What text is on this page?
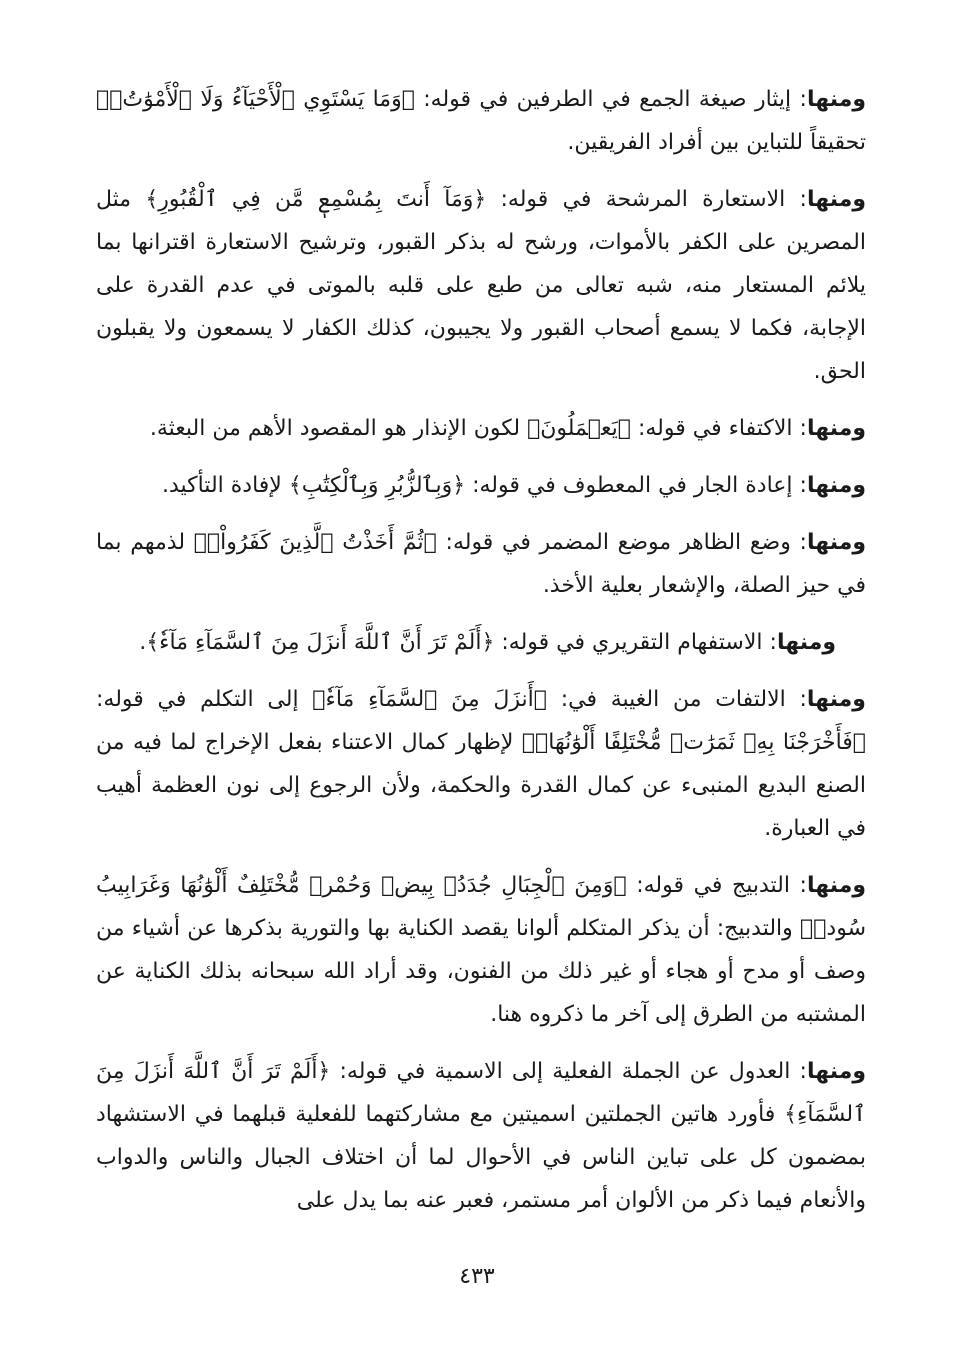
ومنها: إيثار صيغة الجمع في الطرفين في قوله: ﴿وَمَا يَسْتَوِي ٱلْأَحْيَآءُ وَلَا ٱلْأَمْوَٰتُۚ﴾ تحقيقاً للتباين بين أفراد الفريقين.

ومنها: الاستعارة المرشحة في قوله: ﴿وَمَآ أَنتَ بِمُسْمِعٖ مَّن فِي ٱلْقُبُورِ﴾ مثل المصرين على الكفر بالأموات، ورشح له بذكر القبور، وترشيح الاستعارة اقترانها بما يلائم المستعار منه، شبه تعالى من طبع على قلبه بالموتى في عدم القدرة على الإجابة، فكما لا يسمع أصحاب القبور ولا يجيبون، كذلك الكفار لا يسمعون ولا يقبلون الحق.

ومنها: الاكتفاء في قوله: ﴿يَعۡمَلُونَ﴾ لكون الإنذار هو المقصود الأهم من البعثة.

ومنها: إعادة الجار في المعطوف في قوله: ﴿وَبِٱلزُّبُرِ وَبِٱلْكِتَٰبِ﴾ لإفادة التأكيد.

ومنها: وضع الظاهر موضع المضمر في قوله: ﴿ثُمَّ أَخَذْتُ ٱلَّذِينَ كَفَرُواْۖ﴾ لذمهم بما في حيز الصلة، والإشعار بعلية الأخذ.

ومنها: الاستفهام التقريري في قوله: ﴿أَلَمْ تَرَ أَنَّ ٱللَّهَ أَنزَلَ مِنَ ٱلسَّمَآءِ مَآءٗ﴾.

ومنها: الالتفات من الغيبة في: ﴿أَنزَلَ مِنَ ٱلسَّمَآءِ مَآءٗ﴾ إلى التكلم في قوله: ﴿فَأَخْرَجْنَا بِهِۦ ثَمَرَٰتٖ مُّخْتَلِفًا أَلْوَٰنُهَاۚ﴾ لإظهار كمال الاعتناء بفعل الإخراج لما فيه من الصنع البديع المنبىء عن كمال القدرة والحكمة، ولأن الرجوع إلى نون العظمة أهيب في العبارة.

ومنها: التدبيج في قوله: ﴿وَمِنَ ٱلْجِبَالِ جُدَدُۢ بِيضٞ وَحُمْرٞ مُّخْتَلِفٌ أَلْوَٰنُهَا وَغَرَابِيبُ سُودٞ﴾ والتدبيج: أن يذكر المتكلم ألوانا يقصد الكناية بها والتورية بذكرها عن أشياء من وصف أو مدح أو هجاء أو غير ذلك من الفنون، وقد أراد الله سبحانه بذلك الكناية عن المشتبه من الطرق إلى آخر ما ذكروه هنا.

ومنها: العدول عن الجملة الفعلية إلى الاسمية في قوله: ﴿أَلَمْ تَرَ أَنَّ ٱللَّهَ أَنزَلَ مِنَ ٱلسَّمَآءِ﴾ فأورد هاتين الجملتين اسميتين مع مشاركتهما للفعلية قبلهما في الاستشهاد بمضمون كل على تباين الناس في الأحوال لما أن اختلاف الجبال والناس والدواب والأنعام فيما ذكر من الألوان أمر مستمر، فعبر عنه بما يدل على

٤٣٣
